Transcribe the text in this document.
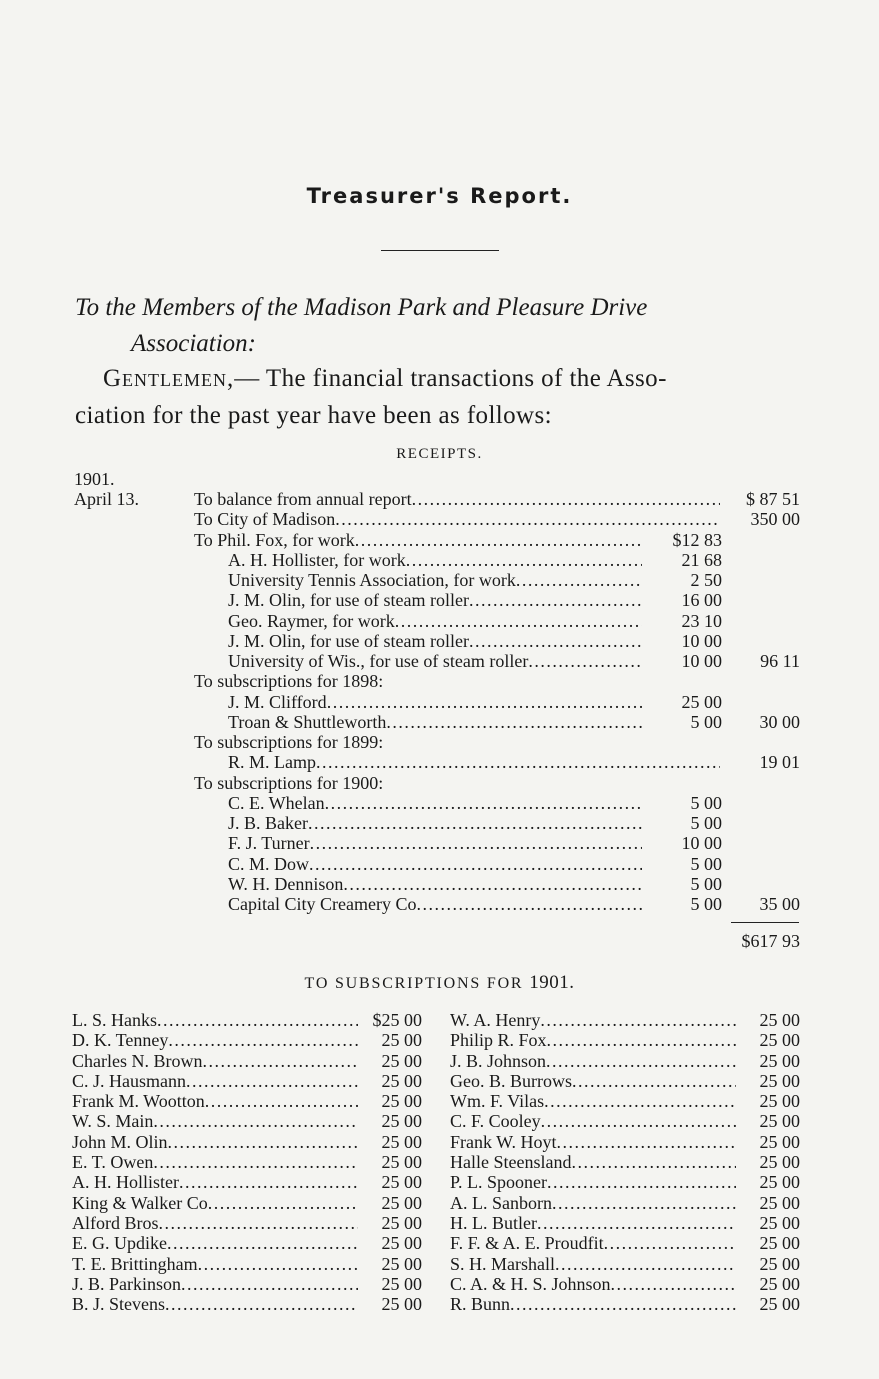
Treasurer's Report.
To the Members of the Madison Park and Pleasure Drive
Association:
Gentlemen,— The financial transactions of the Asso-
ciation for the past year have been as follows:
RECEIPTS.
1901.
April 13.	To balance from annual report .....	$ 87 51
To City of Madison .....	350 00
To Phil. Fox, for work .....	$12 83
A. H. Hollister, for work .....	21 68
University Tennis Association, for work .....	2 50
J. M. Olin, for use of steam roller .....	16 00
Geo. Raymer, for work .....	23 10
J. M. Olin, for use of steam roller .....	10 00
University of Wis., for use of steam roller .....	10 00	96 11
To subscriptions for 1898:
J. M. Clifford .....	25 00
Troan & Shuttleworth .....	5 00	30 00
To subscriptions for 1899:
R. M. Lamp .....	19 01
To subscriptions for 1900:
C. E. Whelan .....	5 00
J. B. Baker .....	5 00
F. J. Turner .....	10 00
C. M. Dow .....	5 00
W. H. Dennison .....	5 00
Capital City Creamery Co .....	5 00	35 00
$617 93
TO SUBSCRIPTIONS FOR 1901.
L. S. Hanks .....	$25 00
D. K. Tenney .....	25 00
Charles N. Brown .....	25 00
C. J. Hausmann .....	25 00
Frank M. Wootton .....	25 00
W. S. Main .....	25 00
John M. Olin .....	25 00
E. T. Owen .....	25 00
A. H. Hollister .....	25 00
King & Walker Co .....	25 00
Alford Bros .....	25 00
E. G. Updike .....	25 00
T. E. Brittingham .....	25 00
J. B. Parkinson .....	25 00
B. J. Stevens .....	25 00
W. A. Henry .....	25 00
Philip R. Fox .....	25 00
J. B. Johnson .....	25 00
Geo. B. Burrows .....	25 00
Wm. F. Vilas .....	25 00
C. F. Cooley .....	25 00
Frank W. Hoyt .....	25 00
Halle Steensland .....	25 00
P. L. Spooner .....	25 00
A. L. Sanborn .....	25 00
H. L. Butler .....	25 00
F. F. & A. E. Proudfit .....	25 00
S. H. Marshall .....	25 00
C. A. & H. S. Johnson .....	25 00
R. Bunn .....	25 00
